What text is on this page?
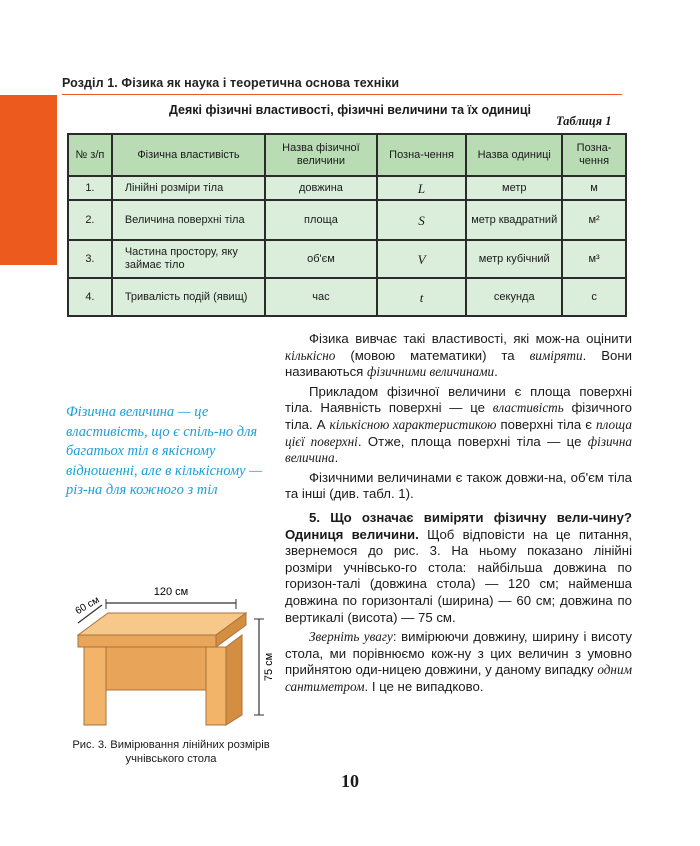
Розділ 1. Фізика як наука і теоретична основа техніки
Деякі фізичні властивості, фізичні величини та їх одиниці
Таблиця 1
№ з/п	Фізична властивість	Назва фізичної величини	Позна-чення	Назва одиниці	Позна-чення
1.	Лінійні розміри тіла	довжина	L	метр	м
2.	Величина поверхні тіла	площа	S	метр квадратний	м²
3.	Частина простору, яку займає тіло	об'єм	V	метр кубічний	м³
4.	Тривалість подій (явищ)	час	t	секунда	с

Фізика вивчає такі властивості, які мож-на оцінити кількісно (мовою математики) та виміряти. Вони називаються фізичними величинами.

Прикладом фізичної величини є площа поверхні тіла. Наявність поверхні — це властивість фізичного тіла. А кількісною характеристикою поверхні тіла є площа цієї поверхні. Отже, площа поверхні тіла — це фізична величина.

Фізичними величинами є також довжи-на, об'єм тіла та інші (див. табл. 1).

5. Що означає виміряти фізичну вели-чину? Одиниця величини. Щоб відповісти на це питання, звернемося до рис. 3. На ньому показано лінійні розміри учнівсько-го стола: найбільша довжина по горизон-талі (довжина стола) — 120 см; найменша довжина по горизонталі (ширина) — 60 см; довжина по вертикалі (висота) — 75 см.

Зверніть увагу: вимірюючи довжину, ширину і висоту стола, ми порівнюємо кож-ну з цих величин з умовно прийнятою оди-ницею довжини, у даному випадку одним сантиметром. І це не випадково.

Фізична величина — це властивість, що є спіль-но для багатьох тіл в якісному відношенні, але в кількісному — різ-на для кожного з тіл
120 см
60 см
75 см
Рис. 3. Вимірювання лінійних розмірів учнівського стола
10
